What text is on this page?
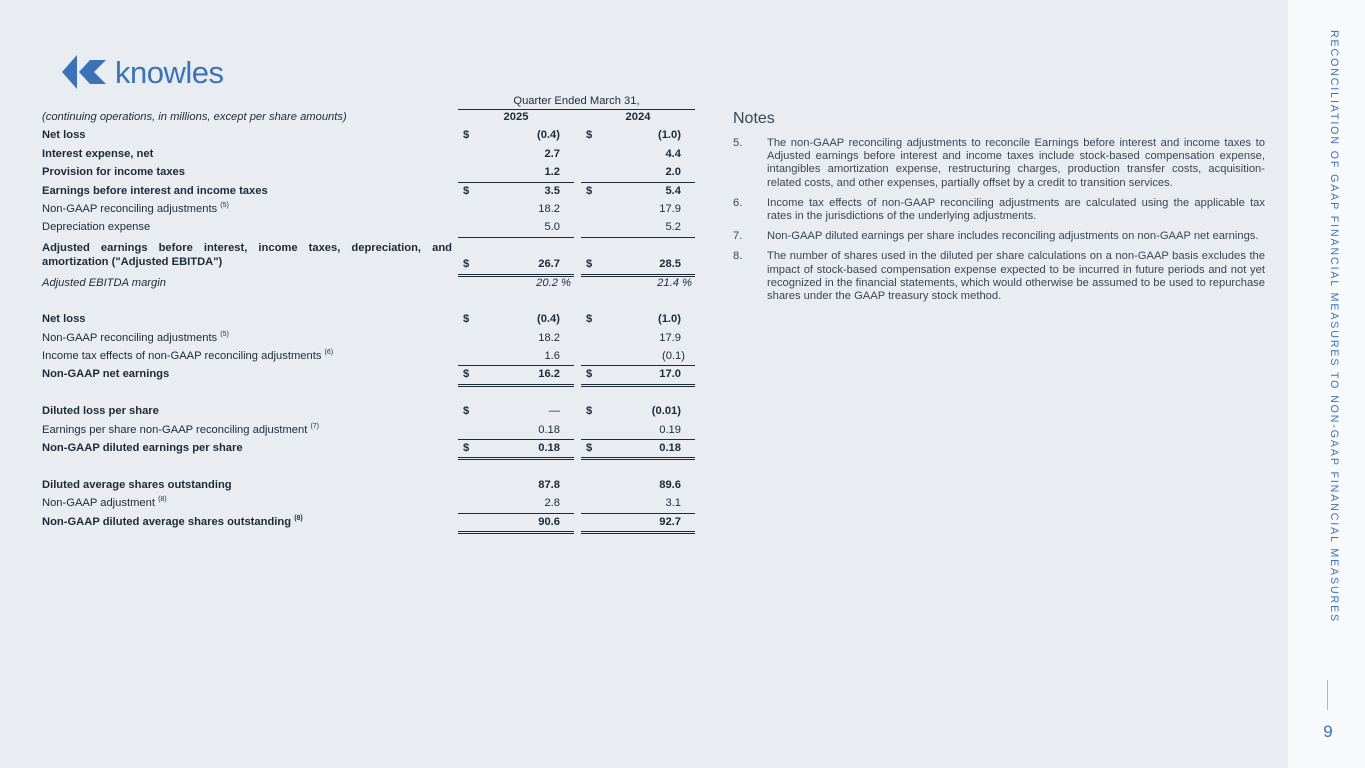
knowles
Quarter Ended March 31,
(continuing operations, in millions, except per share amounts)	2025	2024
Net loss	$	(0.4) $	(1.0)
Interest expense, net	2.7	4.4
Provision for income taxes	1.2	2.0
Earnings before interest and income taxes	$	3.5 $	5.4
Non-GAAP reconciling adjustments $^{(5)}$	18.2	17.9
Depreciation expense	5.0	5.2
Adjusted earnings before interest, income taxes, depreciation, and amortization ("Adjusted EBITDA")	$	26.7 $	28.5
Adjusted EBITDA margin	20.2 %	21.4 %
Net loss	$	(0.4) $	(1.0)
Non-GAAP reconciling adjustments $^{(5)}$	18.2	17.9
Income tax effects of non-GAAP reconciling adjustments $^{(6)}$	1.6	(0.1)
Non-GAAP net earnings	$	16.2 $	17.0
Diluted loss per share	$	— $	(0.01)
Earnings per share non-GAAP reconciling adjustment $^{(7)}$	0.18	0.19
Non-GAAP diluted earnings per share	$	0.18 $	0.18
Diluted average shares outstanding	87.8	89.6
Non-GAAP adjustment $^{(8)}$	2.8	3.1
Non-GAAP diluted average shares outstanding $^{(8)}$	90.6	92.7
Notes
5.	The non-GAAP reconciling adjustments to reconcile Earnings before interest and income taxes to Adjusted earnings before interest and income taxes include stock-based compensation expense, intangibles amortization expense, restructuring charges, production transfer costs, acquisition-related costs, and other expenses, partially offset by a credit to transition services.
6.	Income tax effects of non-GAAP reconciling adjustments are calculated using the applicable tax rates in the jurisdictions of the underlying adjustments.
7.	Non-GAAP diluted earnings per share includes reconciling adjustments on non-GAAP net earnings.
8.	The number of shares used in the diluted per share calculations on a non-GAAP basis excludes the impact of stock-based compensation expense expected to be incurred in future periods and not yet recognized in the financial statements, which would otherwise be assumed to be used to repurchase shares under the GAAP treasury stock method.	RECONCILIATION OF GAAP FINANCIAL MEASURES TO NON-GAAP FINANCIAL MEASURES
9
